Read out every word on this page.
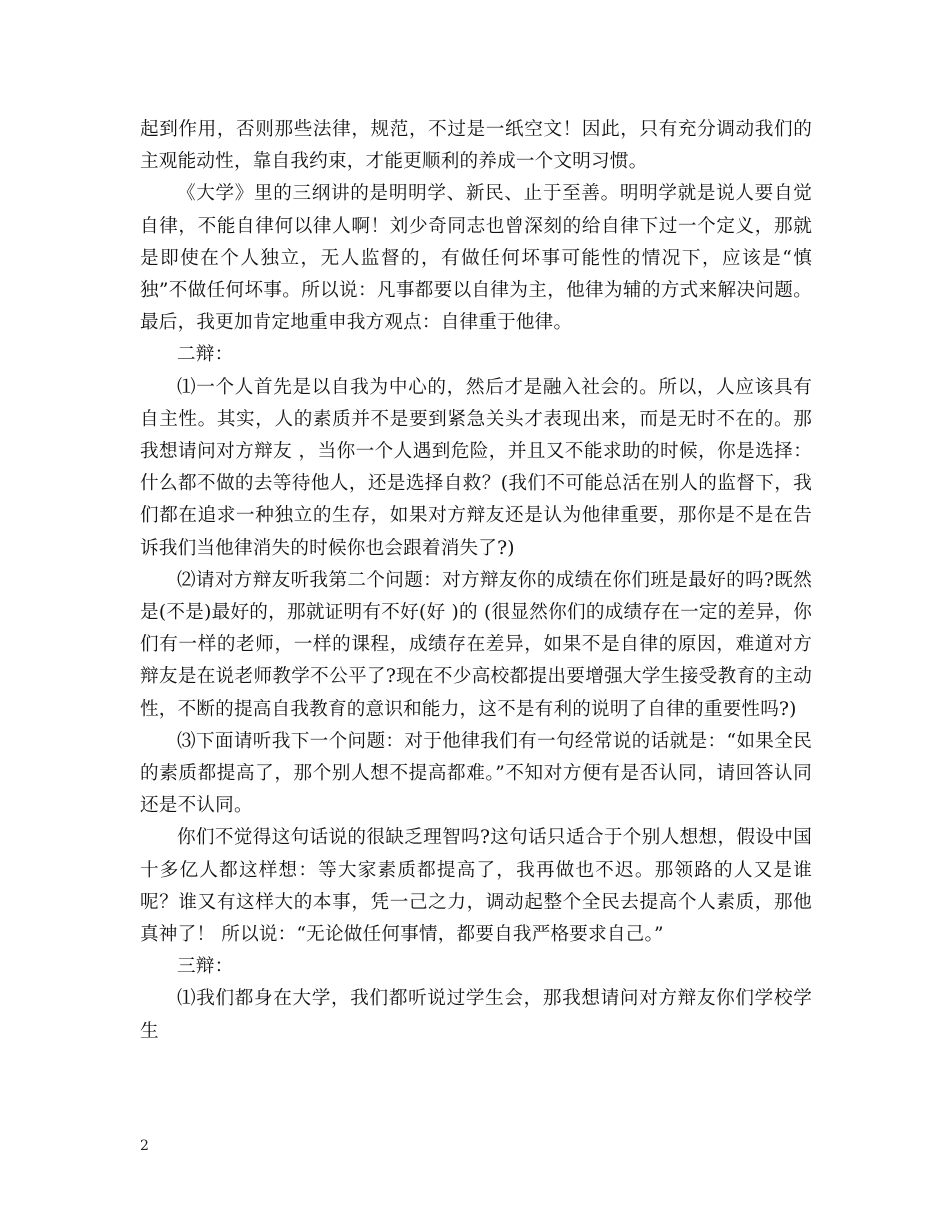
起到作用，否则那些法律，规范，不过是一纸空文！因此，只有充分调动我们的主观能动性，靠自我约束，才能更顺利的养成一个文明习惯。

《大学》里的三纲讲的是明明学、新民、止于至善。明明学就是说人要自觉自律，不能自律何以律人啊！刘少奇同志也曾深刻的给自律下过一个定义，那就是即使在个人独立，无人监督的，有做任何坏事可能性的情况下，应该是“慎独”不做任何坏事。所以说：凡事都要以自律为主，他律为辅的方式来解决问题。最后，我更加肯定地重申我方观点：自律重于他律。

二辩：

⑴一个人首先是以自我为中心的，然后才是融入社会的。所以，人应该具有自主性。其实，人的素质并不是要到紧急关头才表现出来，而是无时不在的。那我想请问对方辩友 ，当你一个人遇到危险，并且又不能求助的时候，你是选择：什么都不做的去等待他人，还是选择自救？(我们不可能总活在别人的监督下，我们都在追求一种独立的生存，如果对方辩友还是认为他律重要，那你是不是在告诉我们当他律消失的时候你也会跟着消失了?)

⑵请对方辩友听我第二个问题：对方辩友你的成绩在你们班是最好的吗?既然是(不是)最好的，那就证明有不好(好 )的 (很显然你们的成绩存在一定的差异，你们有一样的老师，一样的课程，成绩存在差异，如果不是自律的原因，难道对方辩友是在说老师教学不公平了?现在不少高校都提出要增强大学生接受教育的主动性，不断的提高自我教育的意识和能力，这不是有利的说明了自律的重要性吗?)

⑶下面请听我下一个问题：对于他律我们有一句经常说的话就是：“如果全民的素质都提高了，那个别人想不提高都难。”不知对方便有是否认同，请回答认同还是不认同。

你们不觉得这句话说的很缺乏理智吗?这句话只适合于个别人想想，假设中国十多亿人都这样想：等大家素质都提高了，我再做也不迟。那领路的人又是谁呢？谁又有这样大的本事，凭一己之力，调动起整个全民去提高个人素质，那他真神了！ 所以说：“无论做任何事情，都要自我严格要求自己。”

三辩：

⑴我们都身在大学，我们都听说过学生会，那我想请问对方辩友你们学校学生

2
